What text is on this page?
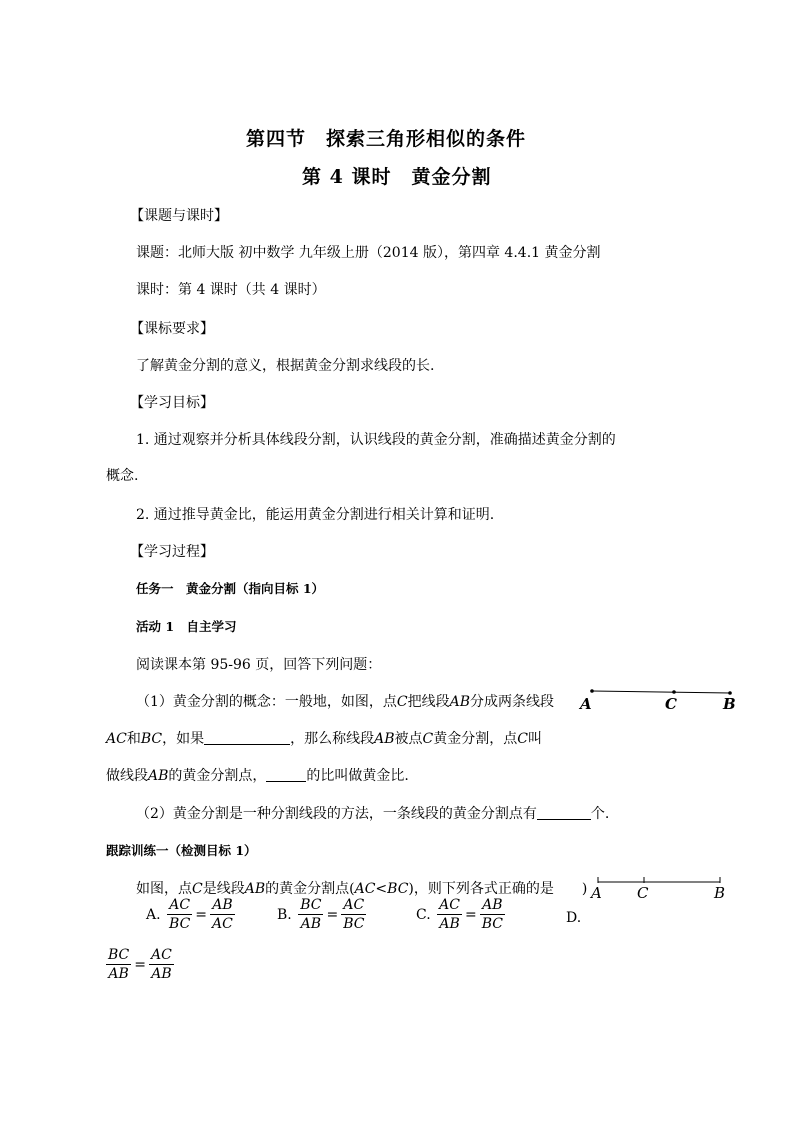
第四节　探索三角形相似的条件
第 4 课时　黄金分割
【课题与课时】
课题：北师大版 初中数学 九年级上册（2014 版），第四章 4.4.1 黄金分割
课时：第 4 课时（共 4 课时）
【课标要求】
了解黄金分割的意义，根据黄金分割求线段的长.
【学习目标】
1. 通过观察并分析具体线段分割，认识线段的黄金分割，准确描述黄金分割的
概念.
2. 通过推导黄金比，能运用黄金分割进行相关计算和证明.
【学习过程】
任务一　黄金分割（指向目标 1）
活动 1　自主学习
阅读课本第 95-96 页，回答下列问题：
（1）黄金分割的概念：一般地，如图，点C把线段AB分成两条线段 A	C	B
AC和BC，如果	，那么称线段AB被点C黄金分割，点C叫
做线段AB的黄金分割点，	的比叫做黄金比.
（2）黄金分割是一种分割线段的方法，一条线段的黄金分割点有	个.
跟踪训练一（检测目标 1）
如图，点C是线段AB的黄金分割点(AC<BC)，则下列各式正确的是 ) A C	B
A. $\frac{AC}{BC} = \frac{AB}{AC}$	B. $\frac{BC}{AB} = \frac{AC}{BC}$	C. $\frac{AC}{AB} = \frac{AB}{BC}$	D.
$\frac{BC}{AB} = \frac{AC}{AB}$
